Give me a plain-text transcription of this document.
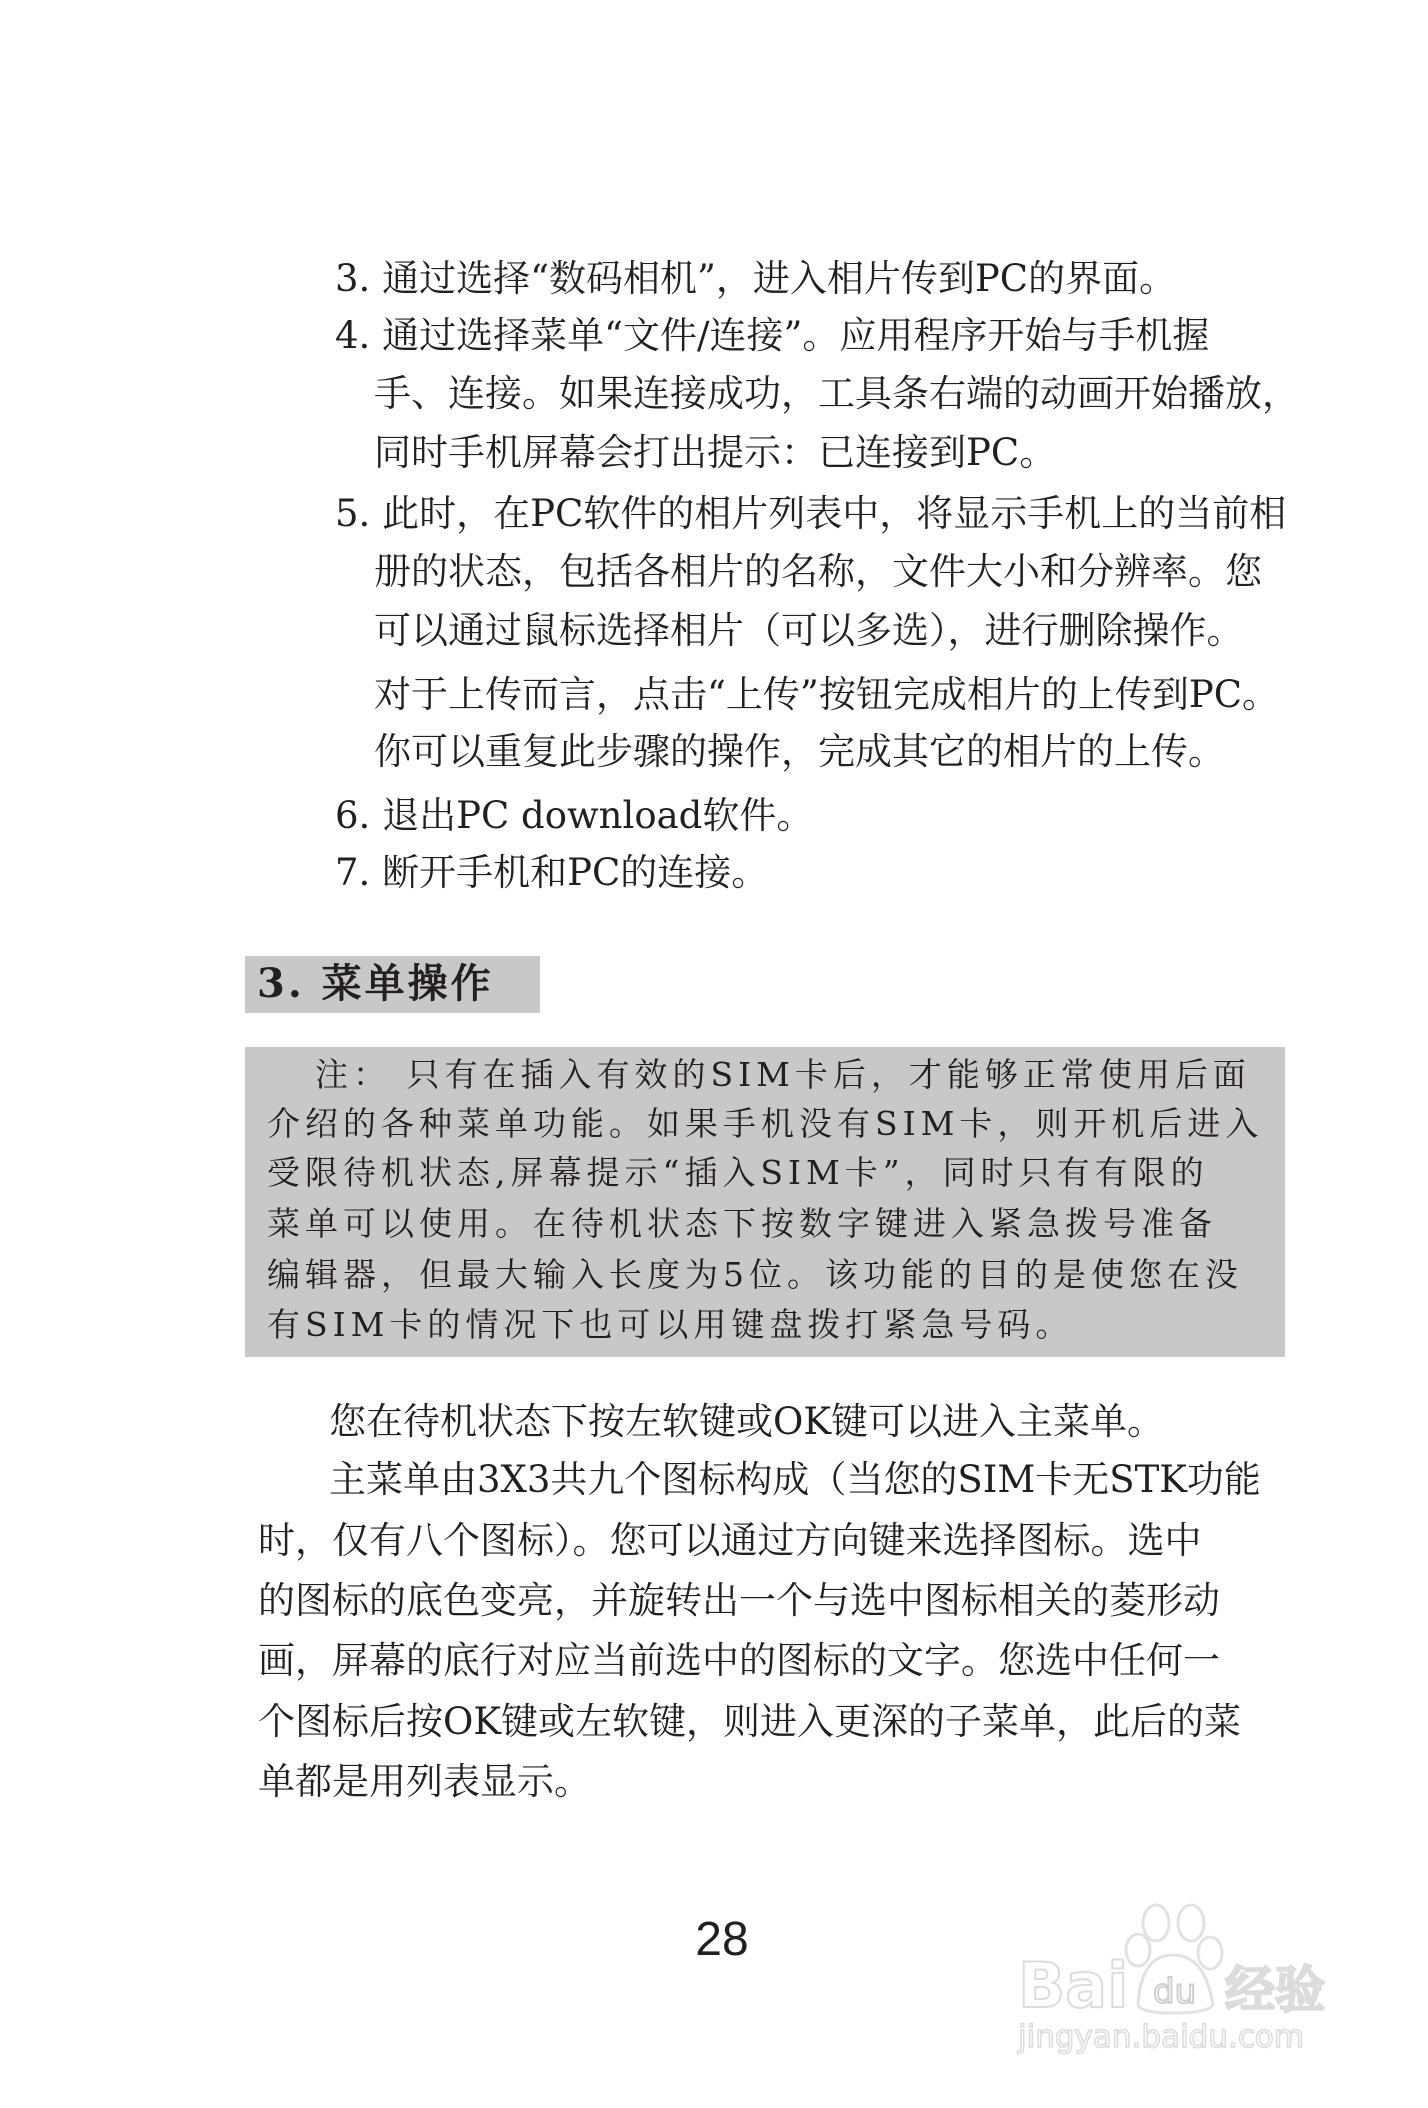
3. 通过选择“数码相机”，进入相片传到PC的界面。
4. 通过选择菜单“文件/连接”。应用程序开始与手机握
手、连接。如果连接成功，工具条右端的动画开始播放，
同时手机屏幕会打出提示：已连接到PC。
5. 此时，在PC软件的相片列表中，将显示手机上的当前相
册的状态，包括各相片的名称，文件大小和分辨率。您
可以通过鼠标选择相片（可以多选），进行删除操作。
对于上传而言，点击“上传”按钮完成相片的上传到PC。
你可以重复此步骤的操作，完成其它的相片的上传。
6. 退出PC download软件。
7. 断开手机和PC的连接。
3. 菜单操作
注： 只有在插入有效的SIM卡后，才能够正常使用后面
介绍的各种菜单功能。如果手机没有SIM卡，则开机后进入
受限待机状态,屏幕提示“插入SIM卡”，同时只有有限的
菜单可以使用。在待机状态下按数字键进入紧急拨号准备
编辑器，但最大输入长度为5位。该功能的目的是使您在没
有SIM卡的情况下也可以用键盘拨打紧急号码。
您在待机状态下按左软键或OK键可以进入主菜单。
主菜单由3X3共九个图标构成（当您的SIM卡无STK功能
时，仅有八个图标）。您可以通过方向键来选择图标。选中
的图标的底色变亮，并旋转出一个与选中图标相关的菱形动
画，屏幕的底行对应当前选中的图标的文字。您选中任何一
个图标后按OK键或左软键，则进入更深的子菜单，此后的菜
单都是用列表显示。
28
Bai du 经验
jingyan.baidu.com
